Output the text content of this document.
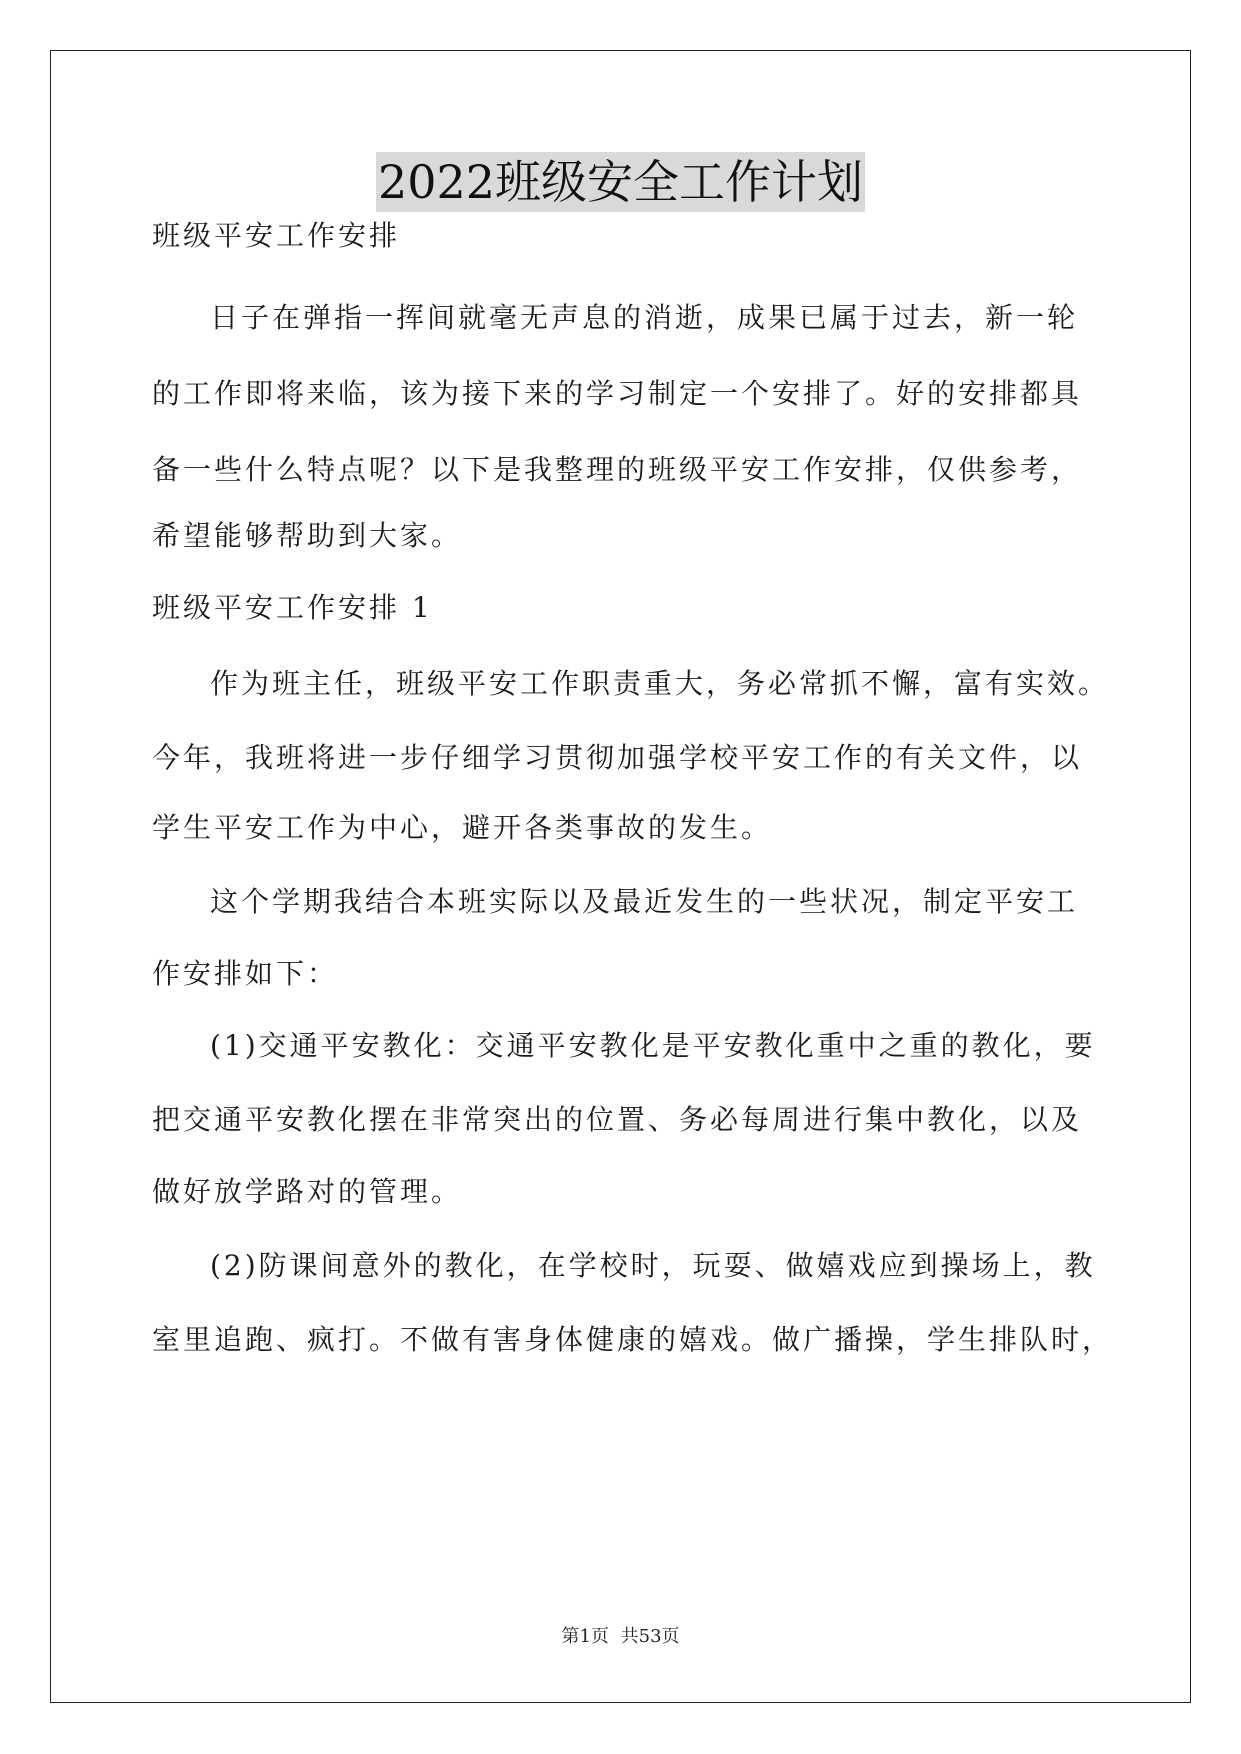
2022班级安全工作计划
班级平安工作安排
日子在弹指一挥间就毫无声息的消逝，成果已属于过去，新一轮
的工作即将来临，该为接下来的学习制定一个安排了。好的安排都具
备一些什么特点呢？以下是我整理的班级平安工作安排，仅供参考，
希望能够帮助到大家。
班级平安工作安排 1
作为班主任，班级平安工作职责重大，务必常抓不懈，富有实效。
今年，我班将进一步仔细学习贯彻加强学校平安工作的有关文件，以
学生平安工作为中心，避开各类事故的发生。
这个学期我结合本班实际以及最近发生的一些状况，制定平安工
作安排如下：
(1)交通平安教化：交通平安教化是平安教化重中之重的教化，要
把交通平安教化摆在非常突出的位置、务必每周进行集中教化，以及
做好放学路对的管理。
(2)防课间意外的教化，在学校时，玩耍、做嬉戏应到操场上，教
室里追跑、疯打。不做有害身体健康的嬉戏。做广播操，学生排队时，
第1页 共53页
